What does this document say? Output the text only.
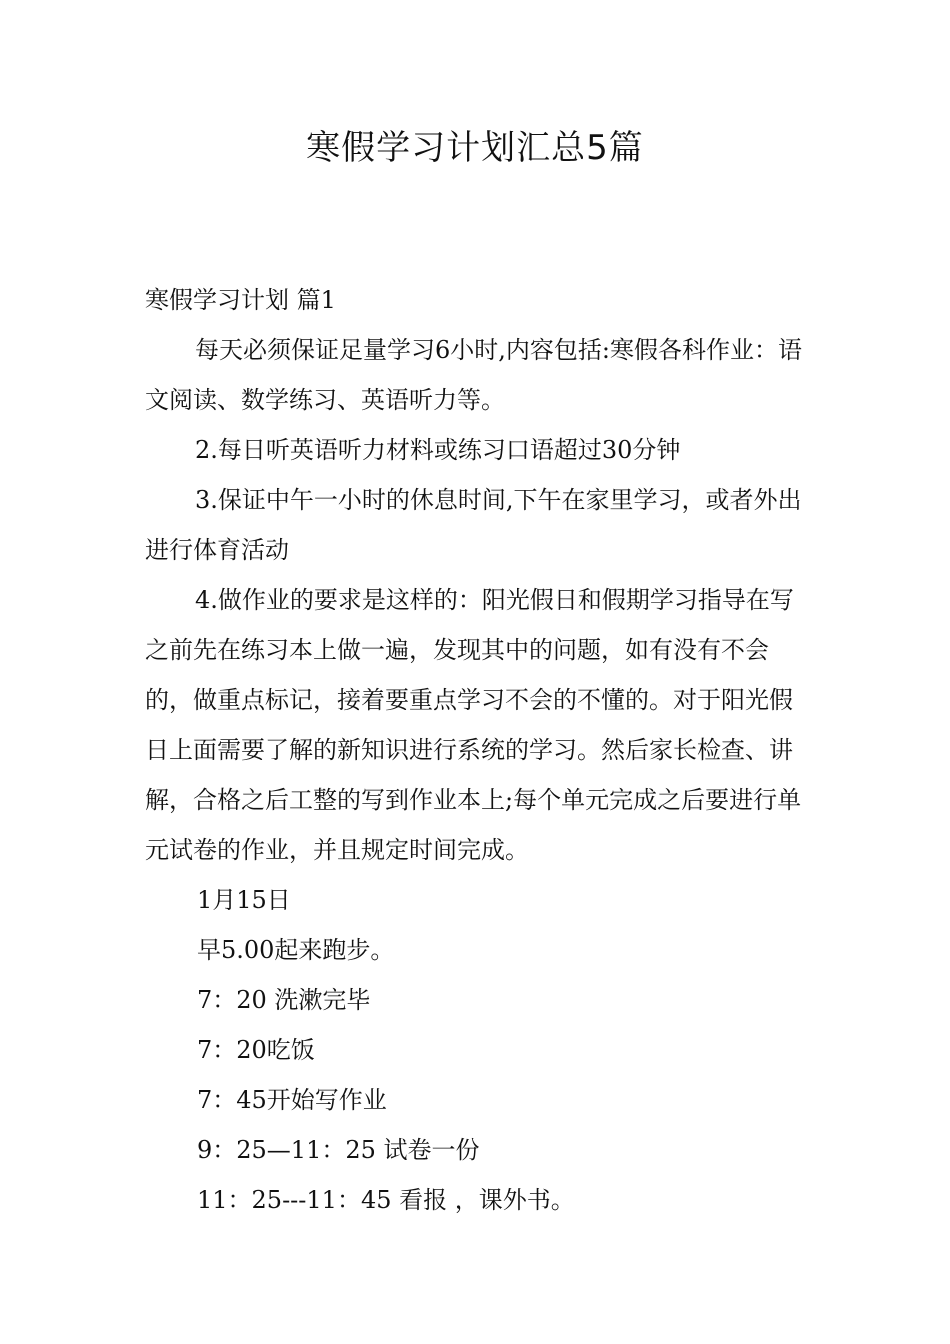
寒假学习计划汇总5篇

寒假学习计划 篇1

每天必须保证足量学习6小时,内容包括:寒假各科作业：语文阅读、数学练习、英语听力等。

2.每日听英语听力材料或练习口语超过30分钟

3.保证中午一小时的休息时间,下午在家里学习，或者外出进行体育活动

4.做作业的要求是这样的：阳光假日和假期学习指导在写之前先在练习本上做一遍，发现其中的问题，如有没有不会的，做重点标记，接着要重点学习不会的不懂的。对于阳光假日上面需要了解的新知识进行系统的学习。然后家长检查、讲解，合格之后工整的写到作业本上;每个单元完成之后要进行单元试卷的作业，并且规定时间完成。

1月15日

早5.00起来跑步。

7：20 洗漱完毕

7：20吃饭

7：45开始写作业

9：25—11：25 试卷一份

11：25---11：45 看报 ，课外书。
